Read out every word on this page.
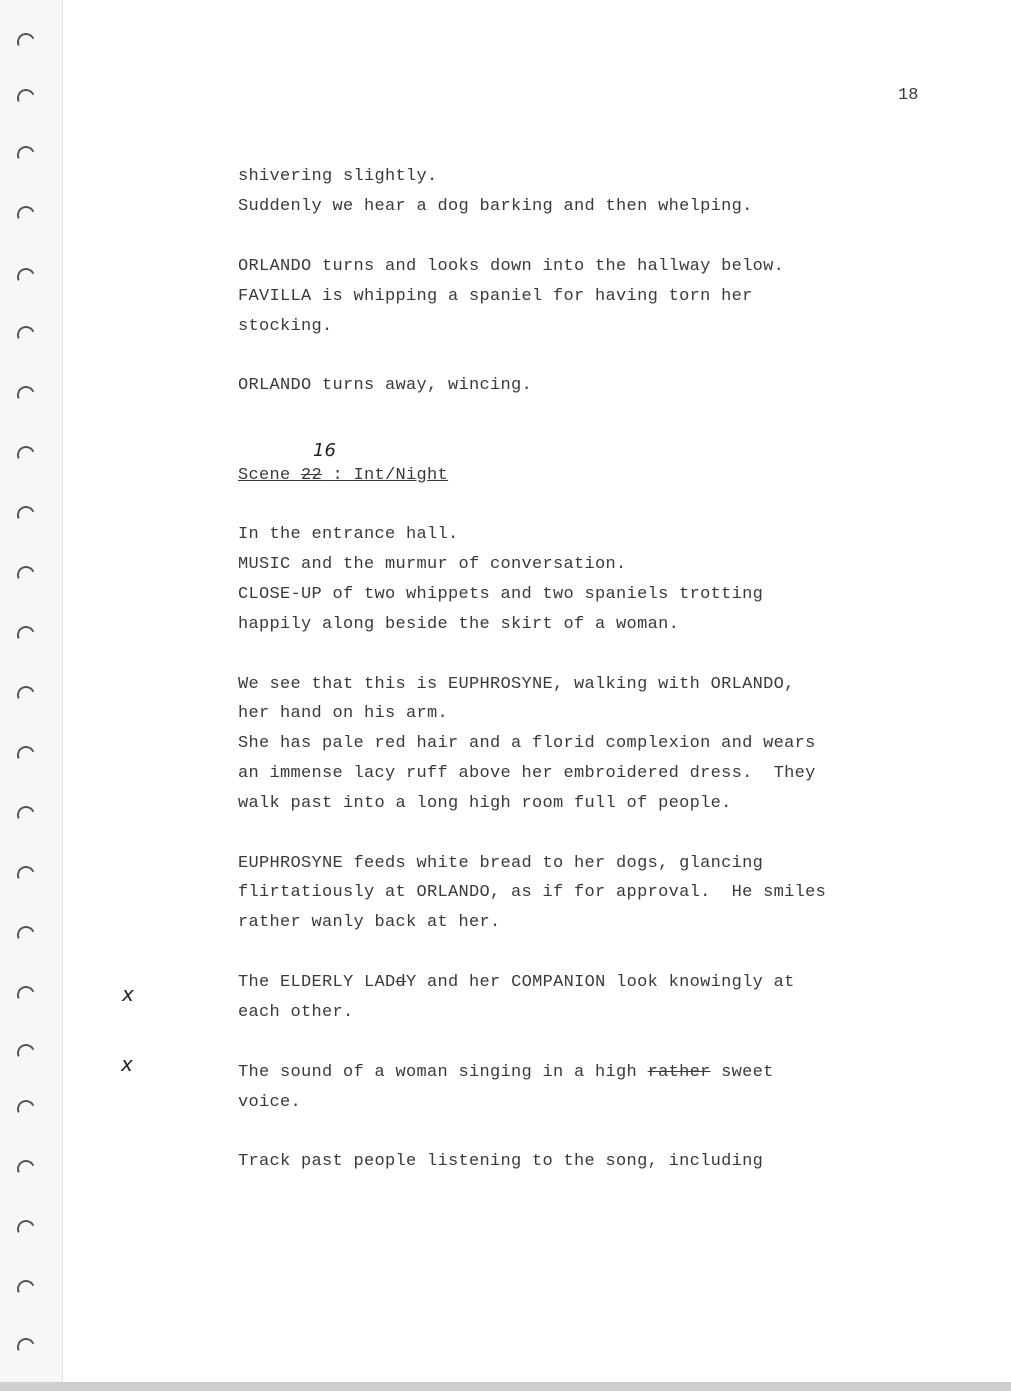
18
shivering slightly.
Suddenly we hear a dog barking and then whelping.
ORLANDO turns and looks down into the hallway below.
FAVILLA is whipping a spaniel for having torn her
stocking.
ORLANDO turns away, wincing.
16
Scene 22 : Int/Night
In the entrance hall.
MUSIC and the murmur of conversation.
CLOSE-UP of two whippets and two spaniels trotting
happily along beside the skirt of a woman.
We see that this is EUPHROSYNE, walking with ORLANDO,
her hand on his arm.
She has pale red hair and a florid complexion and wears
an immense lacy ruff above her embroidered dress.  They
walk past into a long high room full of people.
EUPHROSYNE feeds white bread to her dogs, glancing
flirtatiously at ORLANDO, as if for approval.  He smiles
rather wanly back at her.
x	The ELDERLY LADdY and her COMPANION look knowingly at
each other.
x	The sound of a woman singing in a high rather sweet
voice.
Track past people listening to the song, including
